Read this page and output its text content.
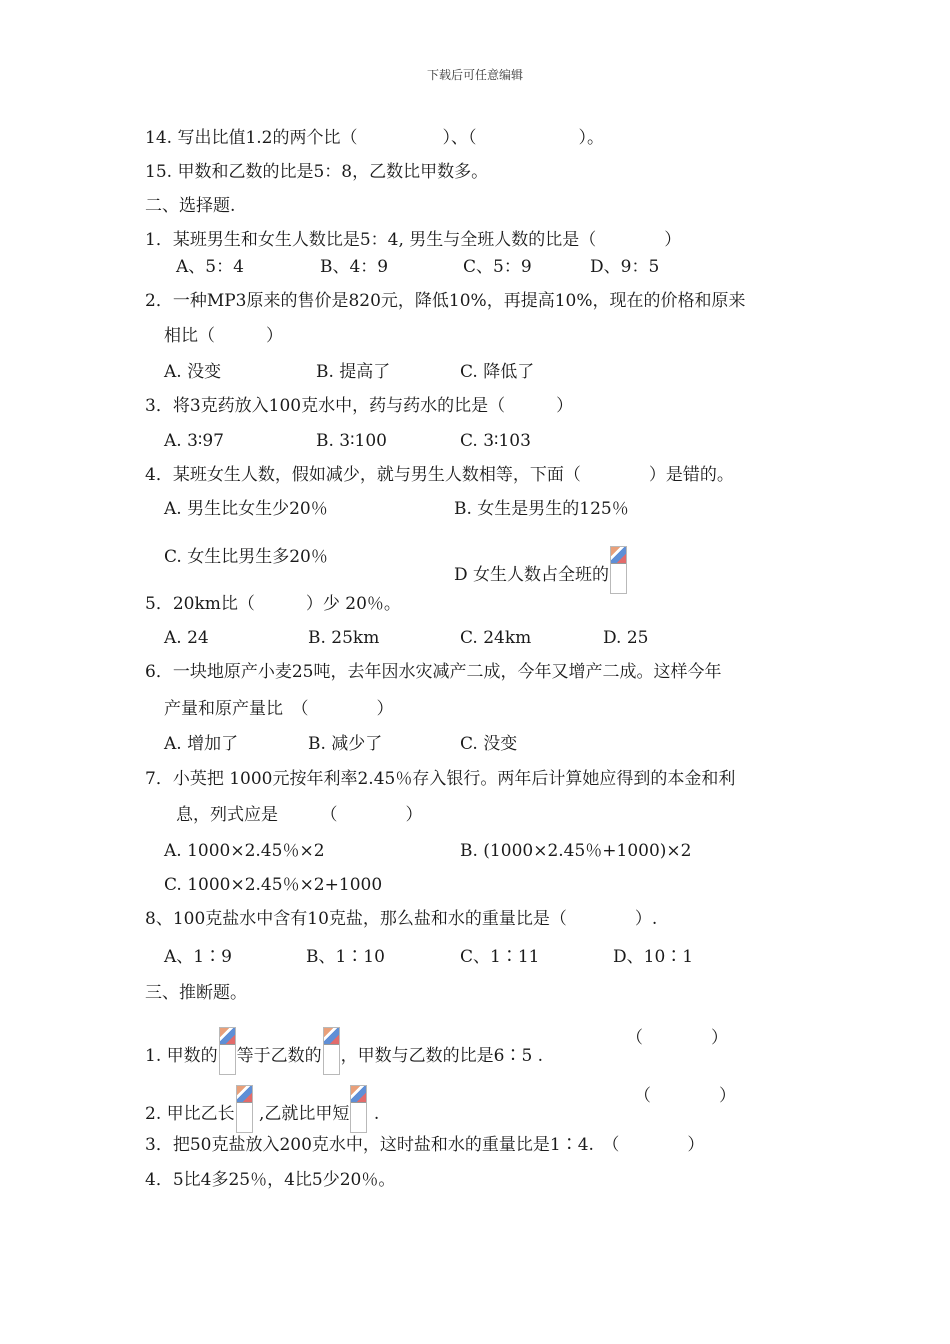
下载后可任意编辑
14. 写出比值1.2的两个比（　　　　　）、（　　　　　　）。
15. 甲数和乙数的比是5：8，乙数比甲数多。
二、选择题.
1．某班男生和女生人数比是5：4, 男生与全班人数的比是（　　　　）
A、5：4	B、4：9	C、5：9	D、9：5
2．一种MP3原来的售价是820元，降低10%，再提高10%，现在的价格和原来
相比（　　　）
A. 没变	B. 提高了	C. 降低了
3．将3克药放入100克水中，药与药水的比是（　　　）
A. 3∶97	B. 3∶100	C. 3∶103
4．某班女生人数，假如减少，就与男生人数相等，下面（　　　　）是错的。
A. 男生比女生少20％	B. 女生是男生的125％
C. 女生比男生多20％
D 女生人数占全班的
5．20km比（　　　）少 20％。
A. 24	B. 25km	C. 24km	D. 25
6．一块地原产小麦25吨，去年因水灾减产二成，今年又增产二成。这样今年
产量和原产量比　（　　　　）
A. 增加了	B. 减少了	C. 没变
7．小英把 1000元按年利率2.45％存入银行。两年后计算她应得到的本金和利
息，列式应是　　　（　　　　）
A. 1000×2.45％×2	B. (1000×2.45％+1000)×2
C. 1000×2.45％×2+1000
8、100克盐水中含有10克盐，那么盐和水的重量比是（　　　　）.
A、1∶9	B、1∶10	C、1∶11	D、10∶1
三、推断题。
1. 甲数的 等于乙数的 ，甲数与乙数的比是6∶5 .
（　　　　）
2. 甲比乙长
,乙就比甲短
.
（　　　　）
3．把50克盐放入200克水中，这时盐和水的重量比是1∶4.　（　　　　）
4．5比4多25％，4比5少20％。
